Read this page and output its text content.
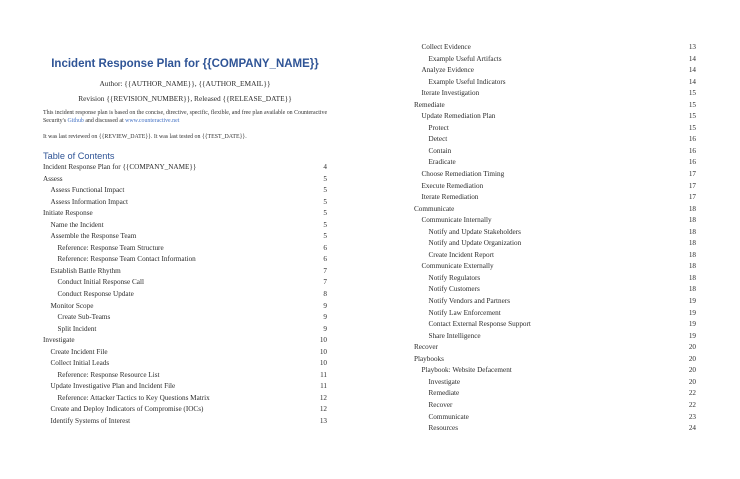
Incident Response Plan for {{COMPANY_NAME}}
Author: {{AUTHOR_NAME}}, {{AUTHOR_EMAIL}}
Revision {{REVISION_NUMBER}}, Released {{RELEASE_DATE}}
This incident response plan is based on the concise, directive, specific, flexible, and free plan available on Counteractive Security's Github and discussed at www.counteractive.net
It was last reviewed on {{REVIEW_DATE}}. It was last tested on {{TEST_DATE}}.
Table of Contents
Incident Response Plan for {{COMPANY_NAME}}	4
Assess	5
Assess Functional Impact	5
Assess Information Impact	5
Initiate Response	5
Name the Incident	5
Assemble the Response Team	5
Reference: Response Team Structure	6
Reference: Response Team Contact Information	6
Establish Battle Rhythm	7
Conduct Initial Response Call	7
Conduct Response Update	8
Monitor Scope	9
Create Sub-Teams	9
Split Incident	9
Investigate	10
Create Incident File	10
Collect Initial Leads	10
Reference: Response Resource List	11
Update Investigative Plan and Incident File	11
Reference: Attacker Tactics to Key Questions Matrix	12
Create and Deploy Indicators of Compromise (IOCs)	12
Identify Systems of Interest	13
Collect Evidence	13
Example Useful Artifacts	14
Analyze Evidence	14
Example Useful Indicators	14
Iterate Investigation	15
Remediate	15
Update Remediation Plan	15
Protect	15
Detect	16
Contain	16
Eradicate	16
Choose Remediation Timing	17
Execute Remediation	17
Iterate Remediation	17
Communicate	18
Communicate Internally	18
Notify and Update Stakeholders	18
Notify and Update Organization	18
Create Incident Report	18
Communicate Externally	18
Notify Regulators	18
Notify Customers	18
Notify Vendors and Partners	19
Notify Law Enforcement	19
Contact External Response Support	19
Share Intelligence	19
Recover	20
Playbooks	20
Playbook: Website Defacement	20
Investigate	20
Remediate	22
Recover	22
Communicate	23
Resources	24
